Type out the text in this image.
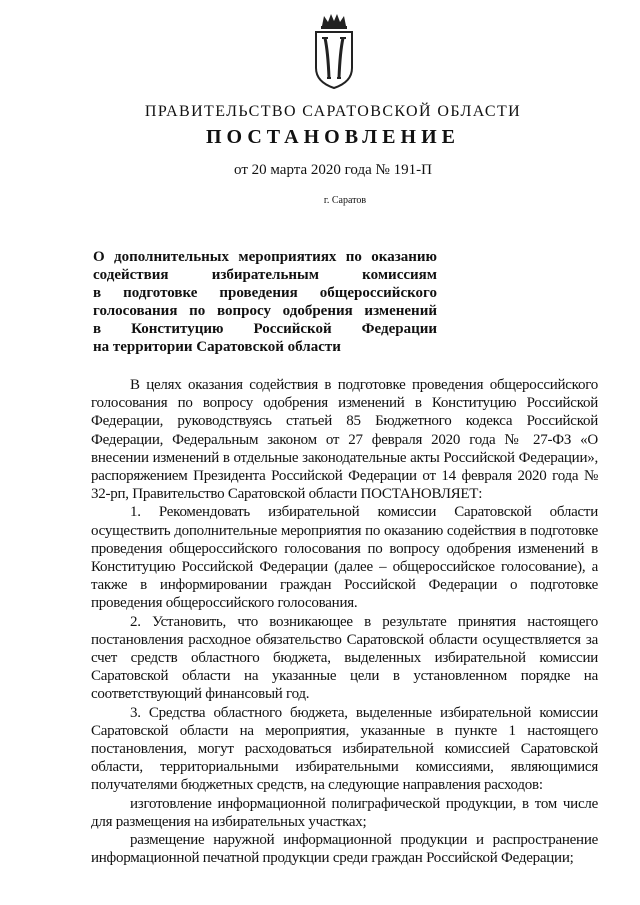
ПРАВИТЕЛЬСТВО САРАТОВСКОЙ ОБЛАСТИ
ПОСТАНОВЛЕНИЕ
от 20 марта 2020 года № 191-П
г. Саратов
О дополнительных мероприятиях по оказанию
содействия избирательным комиссиям
в подготовке проведения общероссийского
голосования по вопросу одобрения изменений
в Конституцию Российской Федерации
на территории Саратовской области

В целях оказания содействия в подготовке проведения общероссийского голосования по вопросу одобрения изменений в Конституцию Российской Федерации, руководствуясь статьей 85 Бюджетного кодекса Российской Федерации, Федеральным законом от 27 февраля 2020 года № 27-ФЗ «О внесении изменений в отдельные законодательные акты Российской Федерации», распоряжением Президента Российской Федерации от 14 февраля 2020 года № 32-рп, Правительство Саратовской области ПОСТАНОВЛЯЕТ:

1. Рекомендовать избирательной комиссии Саратовской области осуществить дополнительные мероприятия по оказанию содействия в подготовке проведения общероссийского голосования по вопросу одобрения изменений в Конституцию Российской Федерации (далее – общероссийское голосование), а также в информировании граждан Российской Федерации о подготовке проведения общероссийского голосования.

2. Установить, что возникающее в результате принятия настоящего постановления расходное обязательство Саратовской области осуществляется за счет средств областного бюджета, выделенных избирательной комиссии Саратовской области на указанные цели в установленном порядке на соответствующий финансовый год.

3. Средства областного бюджета, выделенные избирательной комиссии Саратовской области на мероприятия, указанные в пункте 1 настоящего постановления, могут расходоваться избирательной комиссией Саратовской области, территориальными избирательными комиссиями, являющимися получателями бюджетных средств, на следующие направления расходов:

изготовление информационной полиграфической продукции, в том числе для размещения на избирательных участках;

размещение наружной информационной продукции и распространение информационной печатной продукции среди граждан Российской Федерации;
